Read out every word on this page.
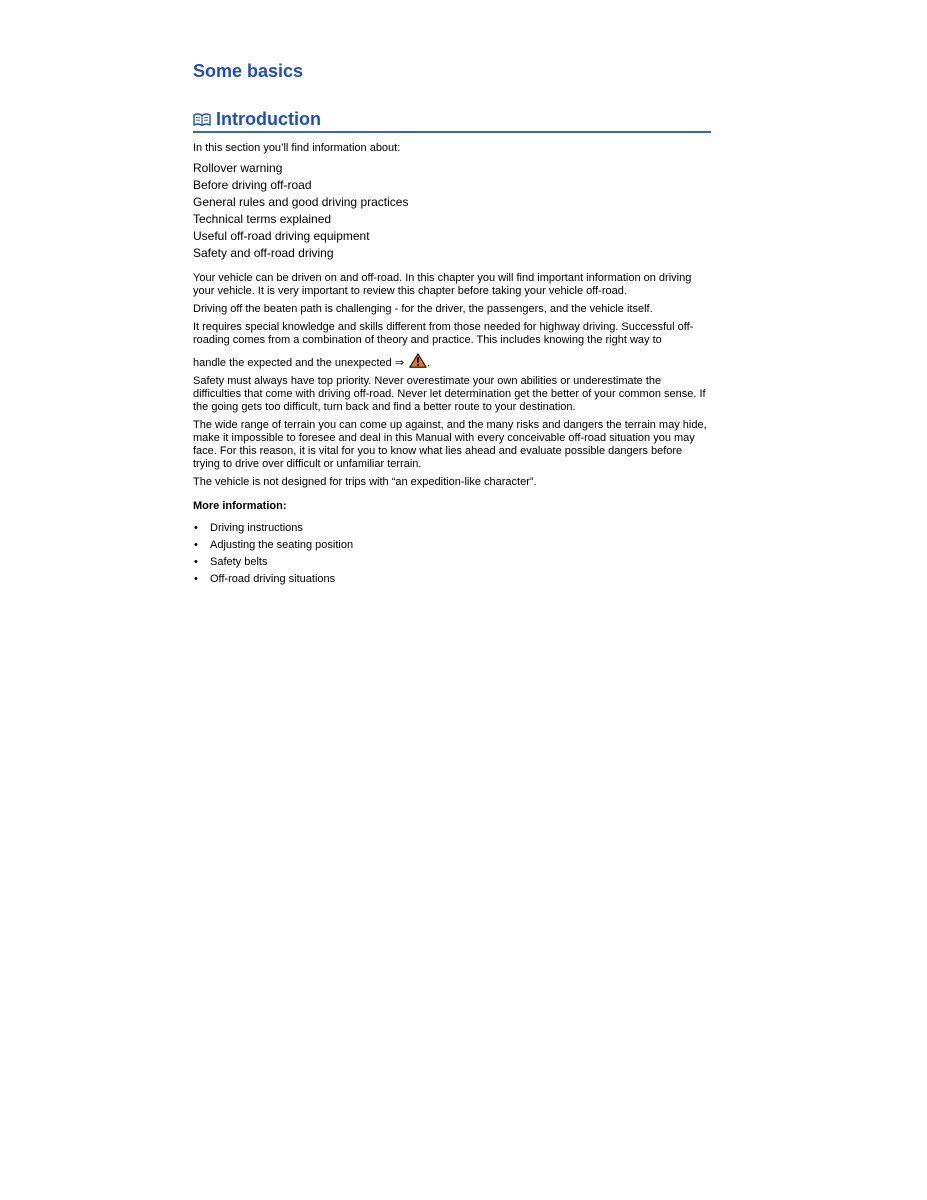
Some basics
Introduction
In this section you’ll find information about:
Rollover warning
Before driving off-road
General rules and good driving practices
Technical terms explained
Useful off-road driving equipment
Safety and off-road driving

Your vehicle can be driven on and off-road. In this chapter you will find important information on driving your vehicle. It is very important to review this chapter before taking your vehicle off-road.

Driving off the beaten path is challenging - for the driver, the passengers, and the vehicle itself.

It requires special knowledge and skills different from those needed for highway driving. Successful off-roading comes from a combination of theory and practice. This includes knowing the right way to
handle the expected and the unexpected ⇒ .

Safety must always have top priority. Never overestimate your own abilities or underestimate the difficulties that come with driving off-road. Never let determination get the better of your common sense. If the going gets too difficult, turn back and find a better route to your destination.

The wide range of terrain you can come up against, and the many risks and dangers the terrain may hide, make it impossible to foresee and deal in this Manual with every conceivable off-road situation you may face. For this reason, it is vital for you to know what lies ahead and evaluate possible dangers before trying to drive over difficult or unfamiliar terrain.

The vehicle is not designed for trips with “an expedition-like character”.

More information:
• Driving instructions
• Adjusting the seating position
• Safety belts
• Off-road driving situations
